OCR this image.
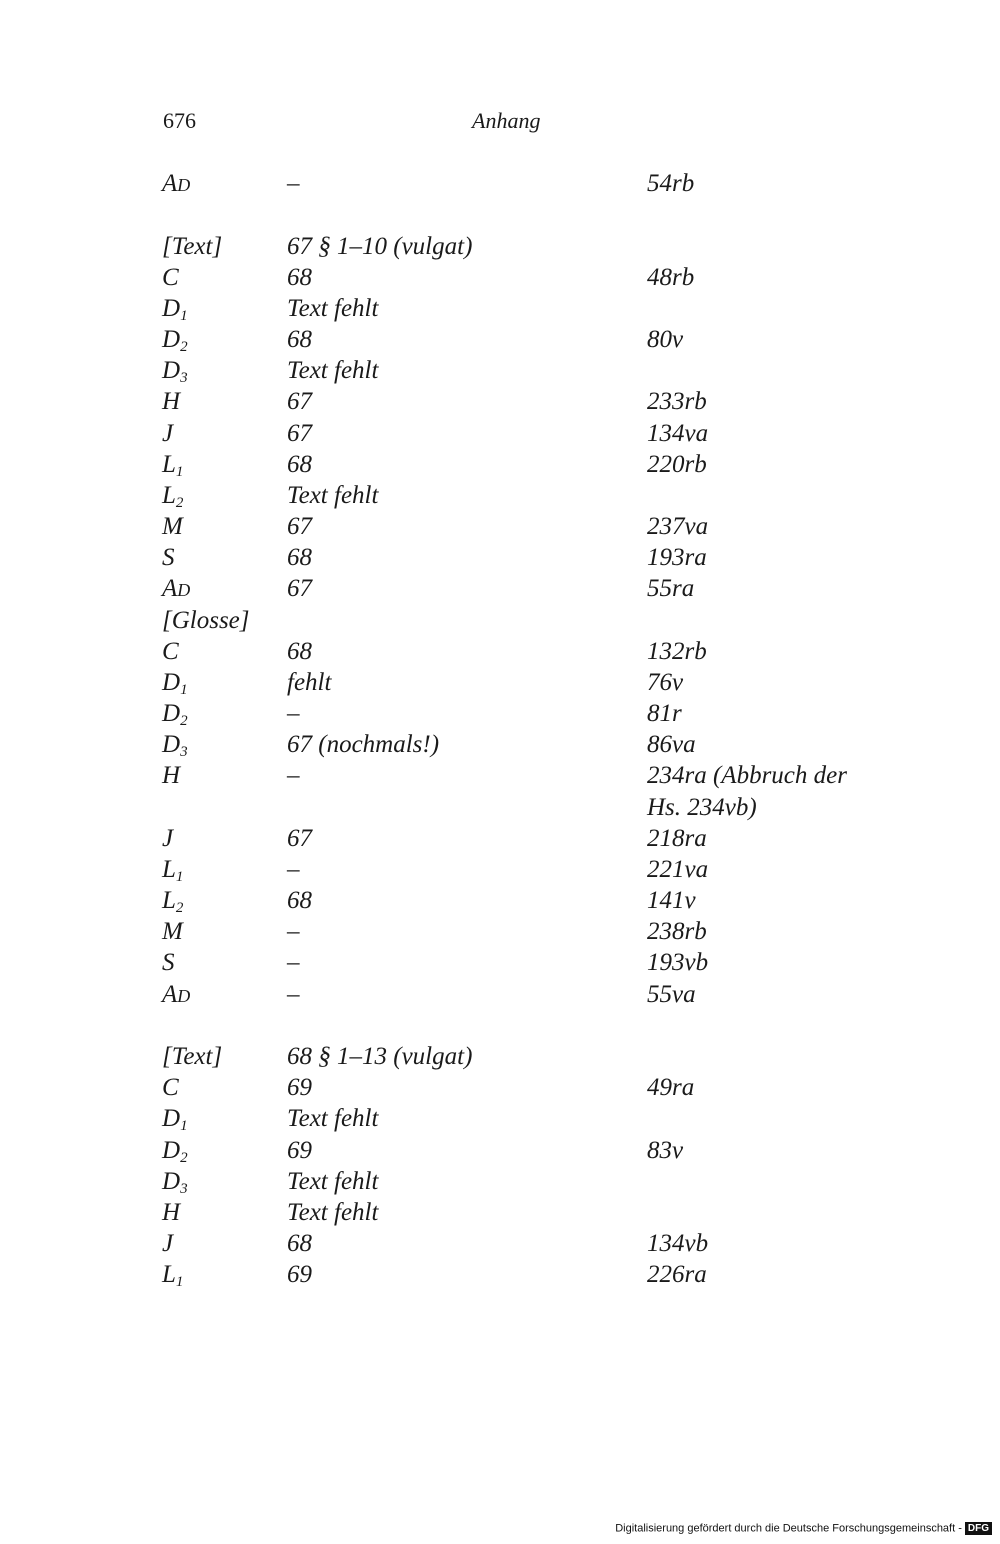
676	Anhang
AD	–	54rb
[Text]	67 § 1–10 (vulgat)
C	68	48rb
$D_1$	Text fehlt
$D_2$	68	80v
$D_3$	Text fehlt
H	67	233rb
J	67	134va
$L_1$	68	220rb
$L_2$	Text fehlt
M	67	237va
S	68	193ra
AD	67	55ra
[Glosse]
C	68	132rb
$D_1$	fehlt	76v
$D_2$	–	81r
$D_3$	67 (nochmals!)	86va
H	–	234ra (Abbruch der
Hs. 234vb)
J	67	218ra
$L_1$	–	221va
$L_2$	68	141v
M	–	238rb
S	–	193vb
AD	–	55va
[Text]	68 § 1–13 (vulgat)
C	69	49ra
$D_1$	Text fehlt
$D_2$	69	83v
$D_3$	Text fehlt
H	Text fehlt
J	68	134vb
$L_1$	69	226ra
Digitalisierung gefördert durch die Deutsche Forschungsgemeinschaft - DFG
